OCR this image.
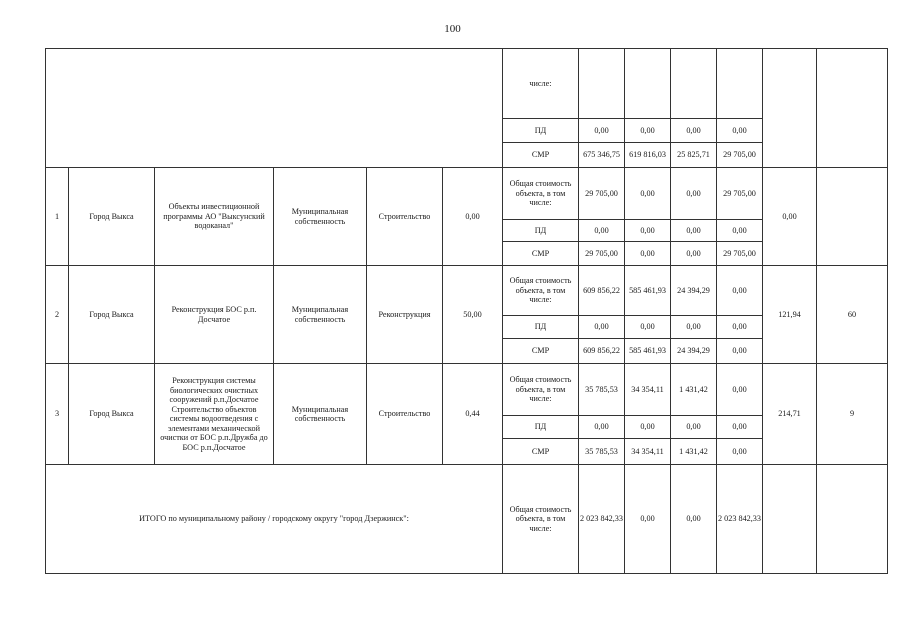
100
						числе:						
						ПД	0,00	0,00	0,00	0,00		
						СМР	675 346,75	619 816,03	25 825,71	29 705,00		
1	Город Выкса	Объекты инвестиционной программы АО "Выксунский водоканал"	Муниципальная собственность	Строительство	0,00	Общая стоимость объекта, в том числе:	29 705,00	0,00	0,00	29 705,00	0,00	
						ПД	0,00	0,00	0,00	0,00		
						СМР	29 705,00	0,00	0,00	29 705,00		
2	Город Выкса	Реконструкция БОС р.п. Досчатое	Муниципальная собственность	Реконструкция	50,00	Общая стоимость объекта, в том числе:	609 856,22	585 461,93	24 394,29	0,00	121,94	60
						ПД	0,00	0,00	0,00	0,00		
						СМР	609 856,22	585 461,93	24 394,29	0,00		
3	Город Выкса	Реконструкция системы биологических очистных сооружений р.п.Досчатое Строительство объектов системы водоотведения с элементами механической очистки от БОС р.п.Дружба до БОС р.п.Досчатое	Муниципальная собственность	Строительство	0,44	Общая стоимость объекта, в том числе:	35 785,53	34 354,11	1 431,42	0,00	214,71	9
						ПД	0,00	0,00	0,00	0,00		
						СМР	35 785,53	34 354,11	1 431,42	0,00		
ИТОГО по муниципальному району / городскому округу "город Дзержинск":						Общая стоимость объекта, в том числе:	2 023 842,33	0,00	0,00	2 023 842,33		
